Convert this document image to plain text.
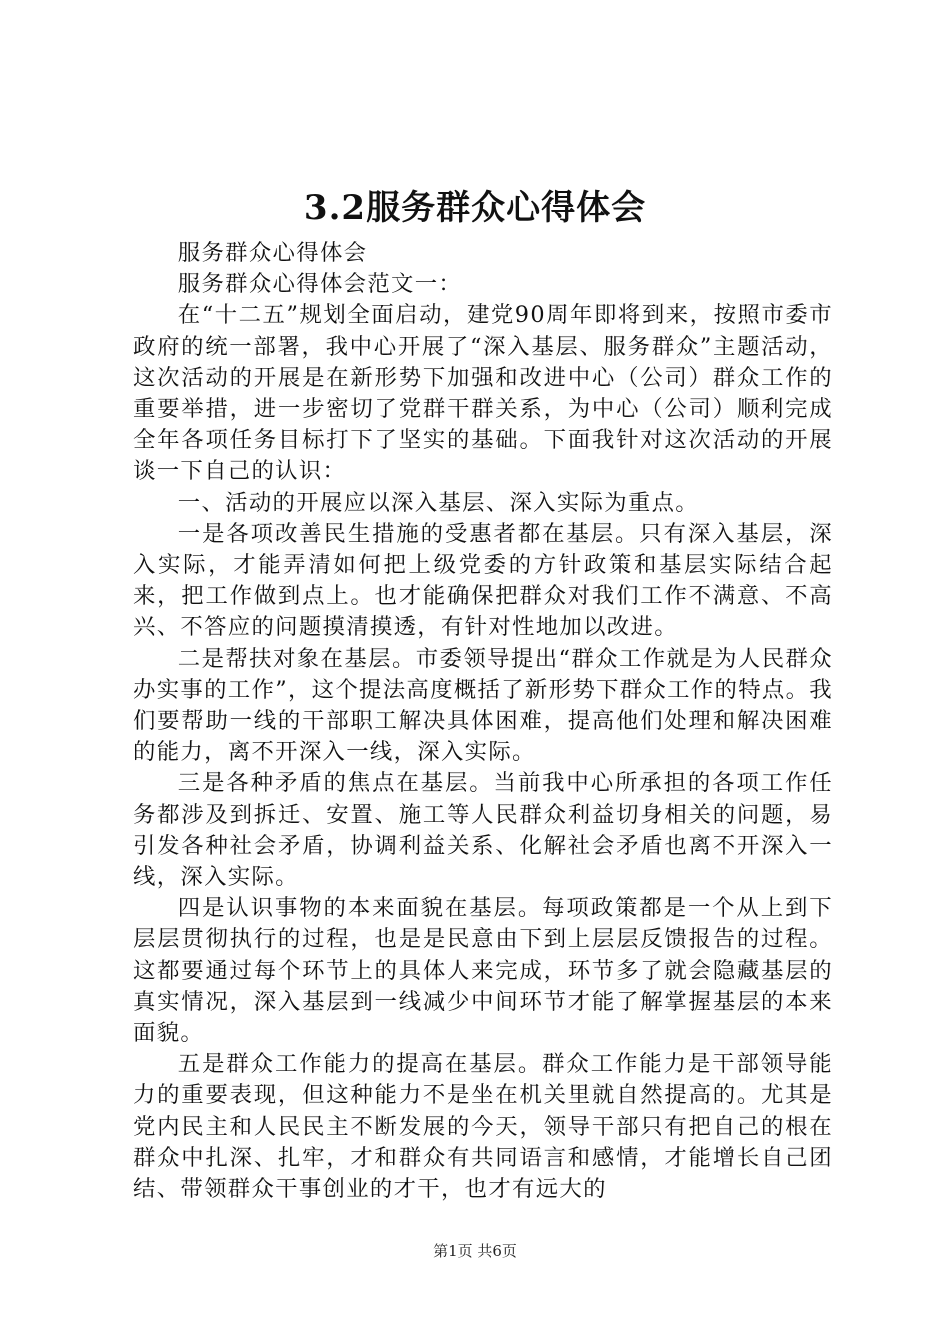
3.2服务群众心得体会

服务群众心得体会

服务群众心得体会范文一：

在“十二五”规划全面启动，建党90周年即将到来，按照市委市政府的统一部署，我中心开展了“深入基层、服务群众”主题活动，这次活动的开展是在新形势下加强和改进中心（公司）群众工作的重要举措，进一步密切了党群干群关系，为中心（公司）顺利完成全年各项任务目标打下了坚实的基础。下面我针对这次活动的开展谈一下自己的认识：

一、活动的开展应以深入基层、深入实际为重点。

一是各项改善民生措施的受惠者都在基层。只有深入基层，深入实际，才能弄清如何把上级党委的方针政策和基层实际结合起来，把工作做到点上。也才能确保把群众对我们工作不满意、不高兴、不答应的问题摸清摸透，有针对性地加以改进。

二是帮扶对象在基层。市委领导提出“群众工作就是为人民群众办实事的工作”，这个提法高度概括了新形势下群众工作的特点。我们要帮助一线的干部职工解决具体困难，提高他们处理和解决困难的能力，离不开深入一线，深入实际。

三是各种矛盾的焦点在基层。当前我中心所承担的各项工作任务都涉及到拆迁、安置、施工等人民群众利益切身相关的问题，易引发各种社会矛盾，协调利益关系、化解社会矛盾也离不开深入一线，深入实际。

四是认识事物的本来面貌在基层。每项政策都是一个从上到下层层贯彻执行的过程，也是是民意由下到上层层反馈报告的过程。这都要通过每个环节上的具体人来完成，环节多了就会隐藏基层的真实情况，深入基层到一线减少中间环节才能了解掌握基层的本来面貌。

五是群众工作能力的提高在基层。群众工作能力是干部领导能力的重要表现，但这种能力不是坐在机关里就自然提高的。尤其是党内民主和人民民主不断发展的今天，领导干部只有把自己的根在群众中扎深、扎牢，才和群众有共同语言和感情，才能增长自己团结、带领群众干事创业的才干，也才有远大的

第1页 共6页
